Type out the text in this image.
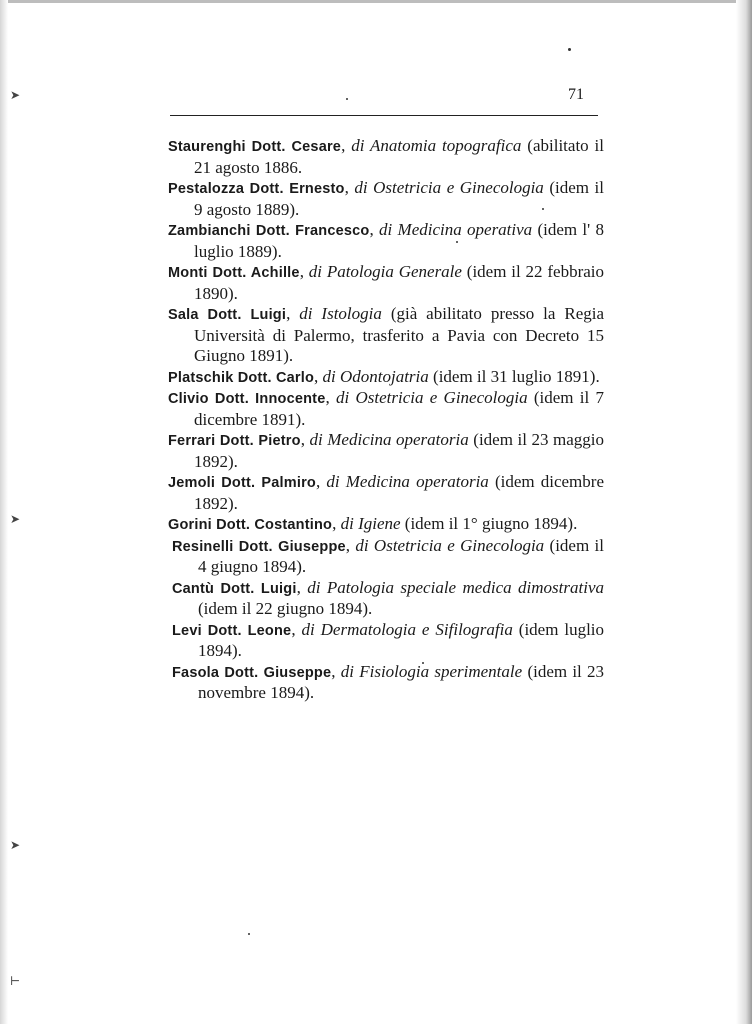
➤
➤
➤
⊢
71

Staurenghi Dott. Cesare, di Anatomia topografica (abilitato il 21 agosto 1886.

Pestalozza Dott. Ernesto, di Ostetricia e Ginecologia (idem il 9 agosto 1889).

Zambianchi Dott. Francesco, di Medicina operativa (idem l' 8 luglio 1889).

Monti Dott. Achille, di Patologia Generale (idem il 22 febbraio 1890).

Sala Dott. Luigi, di Istologia (già abilitato presso la Regia Università di Palermo, trasferito a Pavia con Decreto 15 Giugno 1891).

Platschik Dott. Carlo, di Odontojatria (idem il 31 luglio 1891).

Clivio Dott. Innocente, di Ostetricia e Ginecologia (idem il 7 dicembre 1891).

Ferrari Dott. Pietro, di Medicina operatoria (idem il 23 maggio 1892).

Jemoli Dott. Palmiro, di Medicina operatoria (idem dicembre 1892).

Gorini Dott. Costantino, di Igiene (idem il 1° giugno 1894).

Resinelli Dott. Giuseppe, di Ostetricia e Ginecologia (idem il 4 giugno 1894).

Cantù Dott. Luigi, di Patologia speciale medica dimostrativa (idem il 22 giugno 1894).

Levi Dott. Leone, di Dermatologia e Sifilografia (idem luglio 1894).

Fasola Dott. Giuseppe, di Fisiologia sperimentale (idem il 23 novembre 1894).
